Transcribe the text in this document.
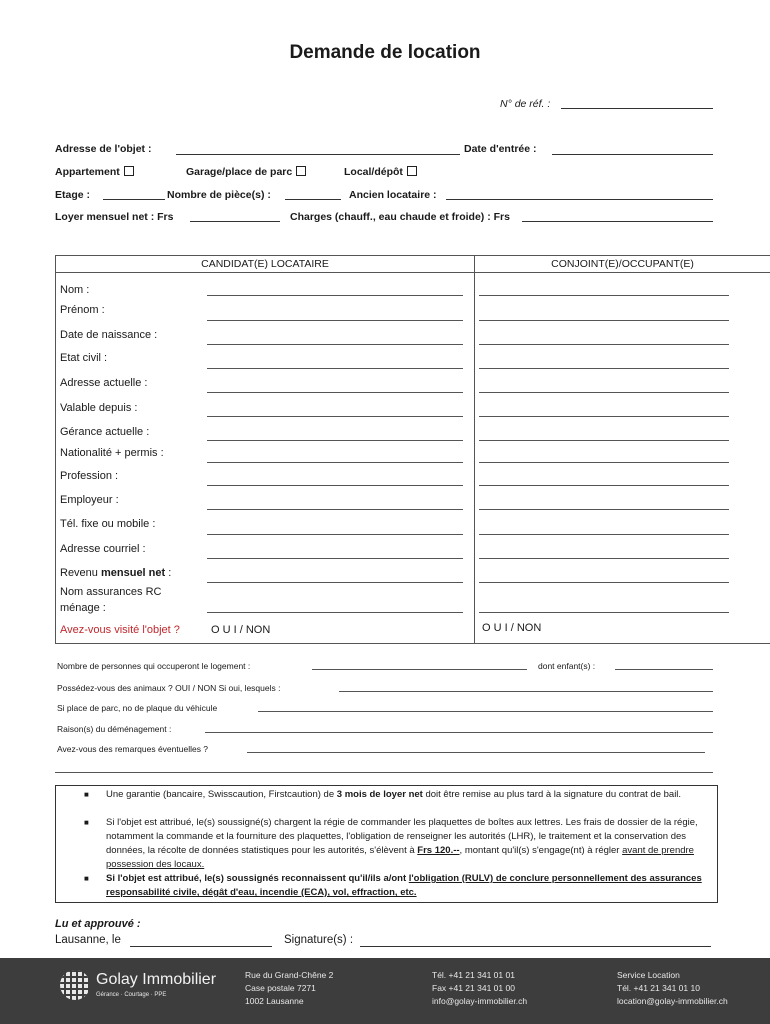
Demande de location
N° de réf. :
Adresse de l'objet :	Date d'entrée :
Appartement	Garage/place de parc	Local/dépôt
Etage :	Nombre de pièce(s) :	Ancien locataire :
Loyer mensuel net : Frs	Charges (chauff., eau chaude et froide) : Frs
CANDIDAT(E) LOCATAIRE	CONJOINT(E)/OCCUPANT(E)
Nom :
Prénom :
Date de naissance :
Etat civil :
Adresse actuelle :
Valable depuis :
Gérance actuelle :
Nationalité + permis :
Profession :
Employeur :
Tél. fixe ou mobile :
Adresse courriel :
Revenu mensuel net :
Nom assurances RC
ménage :
Avez-vous visité l'objet ?	O U I / NON	O U I / NON
Nombre de personnes qui occuperont le logement :	dont enfant(s) :
Possédez-vous des animaux ? OUI / NON Si oui, lesquels :
Si place de parc, no de plaque du véhicule
Raison(s) du déménagement :
Avez-vous des remarques éventuelles ?
■ Une garantie (bancaire, Swisscaution, Firstcaution) de 3 mois de loyer net doit être remise au plus tard à la signature du contrat de bail.
■ Si l'objet est attribué, le(s) soussigné(s) chargent la régie de commander les plaquettes de boîtes aux lettres. Les frais de dossier de la régie, notamment la commande et la fourniture des plaquettes, l'obligation de renseigner les autorités (LHR), le traitement et la conservation des données, la récolte de données statistiques pour les autorités, s'élèvent à Frs 120.--, montant qu'il(s) s'engage(nt) à régler avant de prendre possession des locaux.
■ Si l'objet est attribué, le(s) soussignés reconnaissent qu'il/ils a/ont l'obligation (RULV) de conclure personnellement des assurances responsabilité civile, dégât d'eau, incendie (ECA), vol, effraction, etc.
Lu et approuvé :
Lausanne, le	Signature(s) :
Golay Immobilier
Gérance · Courtage · PPE
Rue du Grand-Chêne 2
Case postale 7271
1002 Lausanne
Tél. +41 21 341 01 01
Fax +41 21 341 01 00
info@golay-immobilier.ch
Service Location
Tél. +41 21 341 01 10
location@golay-immobilier.ch
